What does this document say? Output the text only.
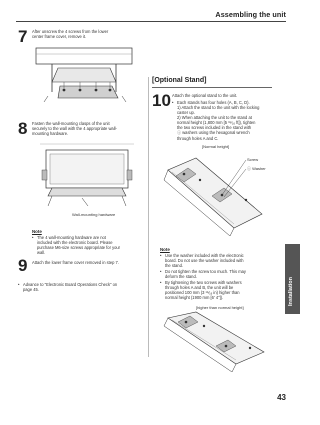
Assembling the unit
7 After unscrew the 4 screws from the lower
center frame cover, remove it.
8 Fasten the wall-mounting clasps of the unit
securely to the wall with the 4 appropriate wall-
mounting hardware.
Wall-mounting hardware
Note
• The 4 wall-mounting hardware are not
included with the electronic board. Please
purchase M6-size screws appropriate for your
wall.
9 Attach the lower frame cover removed in step 7.
• Advance to "Electronic Board Operations Check" on
page 45.
[Optional Stand]
10 Attach the optional stand to the unit.
• Each stands has four holes (A, B, C, D).
1) Attach the stand to the unit with the locking
caster up.
2) When attaching the unit to the stand at
normal height (1,800 mm [5 ¹⁵⁄₁₆ ft]), tighten
the two screws included in the stand with
ⓘ washers using the hexagonal wrench
through holes A and C.
[Normal height]
Screw
ⓘ Washer
Note
• Use the washer included with the electronic
board. Do not use the washer included with
the stand.
• Do not tighten the screw too much. This may
deform the stand.
• By tightening the two screws with washers
through holes A and B, the unit will be
positioned 100 mm (3 ¹⁵⁄₁₆ in) higher than
normal height (1900 mm [6' 4"]).
[higher than normal height]
Installation
43
